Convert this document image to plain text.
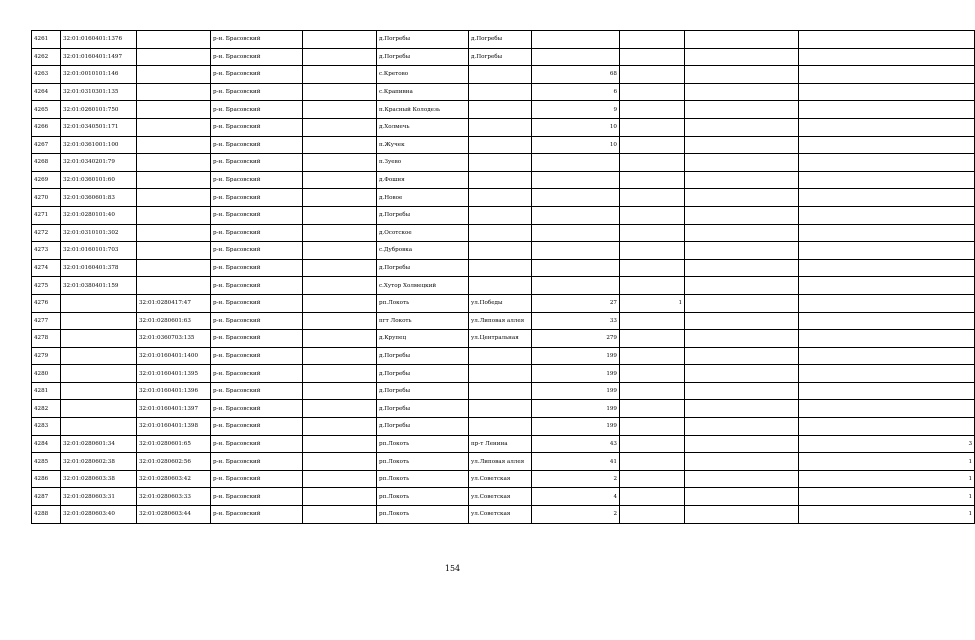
4261	32:01:0160401:1376		р-н. Брасовский		д.Погребы	д.Погребы				
4262	32:01:0160401:1497		р-н. Брасовский		д.Погребы	д.Погребы				
4263	32:01:0010101:146		р-н. Брасовский		с.Кретово		68			
4264	32:01:0310301:135		р-н. Брасовский		с.Крапивна		6			
4265	32:01:0260101:750		р-н. Брасовский		п.Красный Колодезь		9			
4266	32:01:0340501:171		р-н. Брасовский		д.Холмечь		10			
4267	32:01:0361001:100		р-н. Брасовский		п.Жучек		10			
4268	32:01:0340201:79		р-н. Брасовский		п.Зуево					
4269	32:01:0360101:60		р-н. Брасовский		д.Фошня					
4270	32:01:0360601:83		р-н. Брасовский		д.Новое					
4271	32:01:0280101:40		р-н. Брасовский		д.Погребы					
4272	32:01:0310101:302		р-н. Брасовский		д.Осотское					
4273	32:01:0160101:703		р-н. Брасовский		с.Дубровка					
4274	32:01:0160401:378		р-н. Брасовский		д.Погребы					
4275	32:01:0380401:159		р-н. Брасовский		с.Хутор Холмецкий					
4276		32:01:0280417:47	р-н. Брасовский		рп.Локоть	ул.Победы	27	1		
4277		32:01:0280601:63	р-н. Брасовский		пгт Локоть	ул.Липовая аллея	33			
4278		32:01:0360703:135	р-н. Брасовский		д.Крупец	ул.Центральная	279			
4279		32:01:0160401:1400	р-н. Брасовский		д.Погребы		199			
4280		32:01:0160401:1395	р-н. Брасовский		д.Погребы		199			
4281		32:01:0160401:1396	р-н. Брасовский		д.Погребы		199			
4282		32:01:0160401:1397	р-н. Брасовский		д.Погребы		199			
4283		32:01:0160401:1398	р-н. Брасовский		д.Погребы		199			
4284	32:01:0280601:34	32:01:0280601:65	р-н. Брасовский		рп.Локоть	пр-т Ленина	43			3
4285	32:01:0280602:38	32:01:0280602:56	р-н. Брасовский		рп.Локоть	ул.Липовая аллея	41			1
4286	32:01:0280603:38	32:01:0280603:42	р-н. Брасовский		рп.Локоть	ул.Советская	2			1
4287	32:01:0280603:31	32:01:0280603:33	р-н. Брасовский		рп.Локоть	ул.Советская	4			1
4288	32:01:0280603:40	32:01:0280603:44	р-н. Брасовский		рп.Локоть	ул.Советская	2			1
154
